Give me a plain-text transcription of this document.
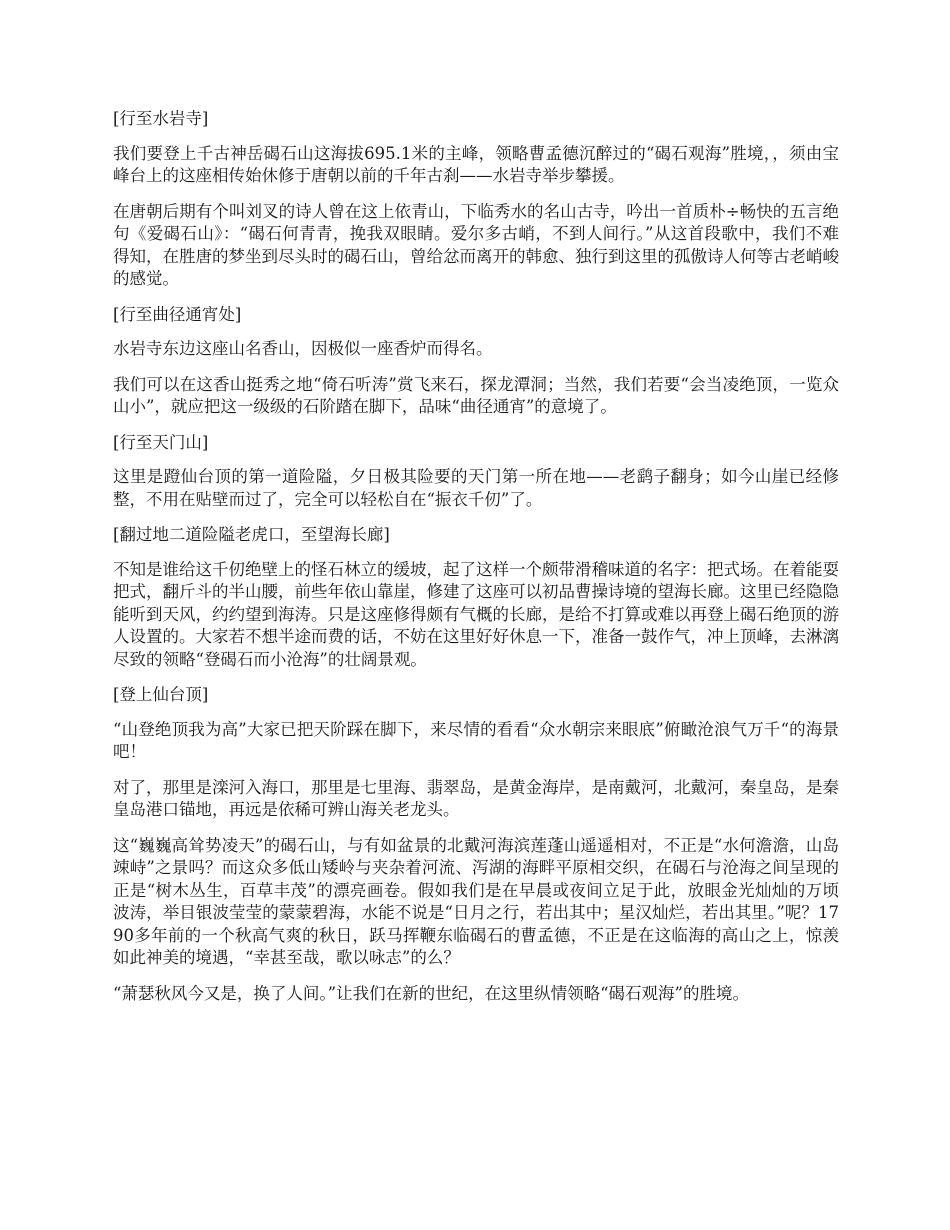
[行至水岩寺]

我们要登上千古神岳碣石山这海拔695.1米的主峰，领略曹孟德沉醉过的“碣石观海”胜境，，须由宝峰台上的这座相传始休修于唐朝以前的千年古刹——水岩寺举步攀援。

在唐朝后期有个叫刘叉的诗人曾在这上依青山，下临秀水的名山古寺，吟出一首质朴÷畅快的五言绝句《爱碣石山》：“碣石何青青，挽我双眼睛。爱尔多古峭，不到人间行。”从这首段歌中，我们不难得知，在胜唐的梦坐到尽头时的碣石山，曾给忿而离开的韩愈、独行到这里的孤傲诗人何等古老峭峻的感觉。

[行至曲径通宵处]

水岩寺东边这座山名香山，因极似一座香炉而得名。

我们可以在这香山挺秀之地“倚石听涛”赏飞来石，探龙潭洞；当然，我们若要“会当凌绝顶，一览众山小”，就应把这一级级的石阶踏在脚下，品味“曲径通宵”的意境了。

[行至天门山]

这里是蹬仙台顶的第一道险隘，夕日极其险要的天门第一所在地——老鹞子翻身；如今山崖已经修整，不用在贴壁而过了，完全可以轻松自在“振衣千仞”了。

[翻过地二道险隘老虎口，至望海长廊]

不知是谁给这千仞绝壁上的怪石林立的缓坡，起了这样一个颇带滑稽味道的名字：把式场。在着能耍把式，翻斤斗的半山腰，前些年依山靠崖，修建了这座可以初品曹操诗境的望海长廊。这里已经隐隐能听到天风，约约望到海涛。只是这座修得颇有气概的长廊，是给不打算或难以再登上碣石绝顶的游人设置的。大家若不想半途而费的话，不妨在这里好好休息一下，准备一鼓作气，冲上顶峰，去淋漓尽致的领略“登碣石而小沧海”的壮阔景观。

[登上仙台顶]

“山登绝顶我为高”大家已把天阶踩在脚下，来尽情的看看“众水朝宗来眼底”俯瞰沧浪气万千“的海景吧！

对了，那里是滦河入海口，那里是七里海、翡翠岛，是黄金海岸，是南戴河，北戴河，秦皇岛，是秦皇岛港口锚地，再远是依稀可辨山海关老龙头。

这“巍巍高耸势凌天”的碣石山，与有如盆景的北戴河海滨莲蓬山遥遥相对，不正是“水何澹澹，山岛竦峙”之景吗？而这众多低山矮岭与夹杂着河流、泻湖的海畔平原相交织，在碣石与沧海之间呈现的正是“树木丛生，百草丰茂”的漂亮画卷。假如我们是在早晨或夜间立足于此，放眼金光灿灿的万顷波涛，举目银波莹莹的蒙蒙碧海，水能不说是“日月之行，若出其中；星汉灿烂，若出其里。”呢？1790多年前的一个秋高气爽的秋日，跃马挥鞭东临碣石的曹孟德，不正是在这临海的高山之上，惊羡如此神美的境遇，“幸甚至哉，歌以咏志”的么？

“萧瑟秋风今又是，换了人间。”让我们在新的世纪，在这里纵情领略“碣石观海”的胜境。
